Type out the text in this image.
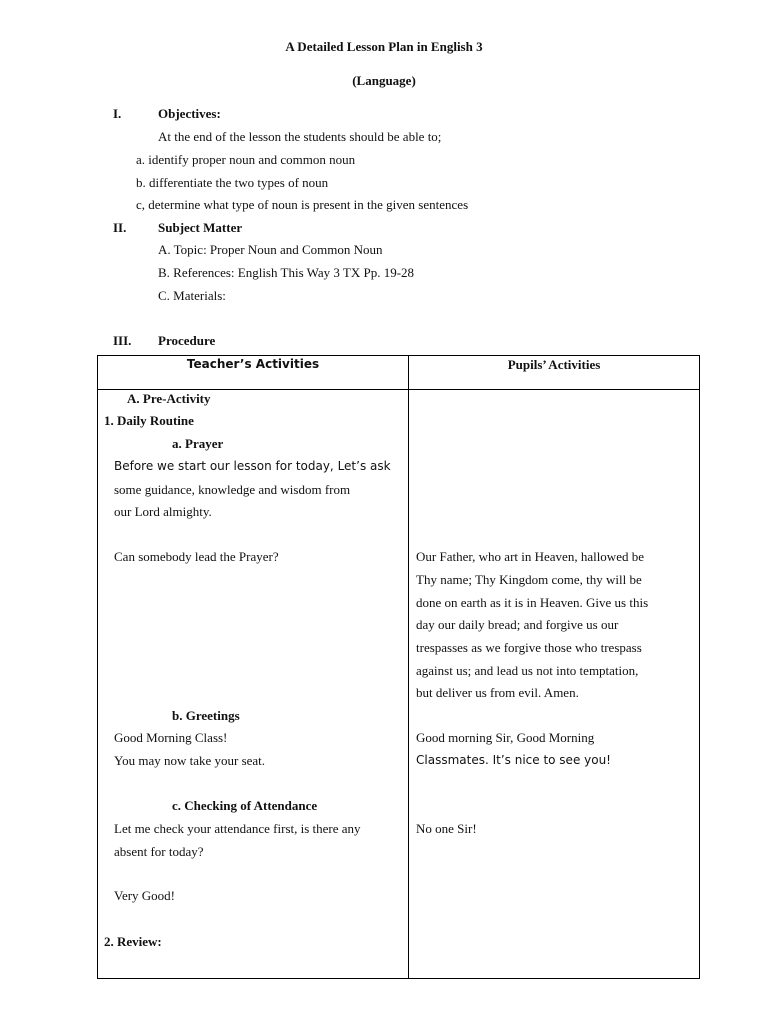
A Detailed Lesson Plan in English 3
(Language)
I.	Objectives:
At the end of the lesson the students should be able to;
a. identify proper noun and common noun
b. differentiate the two types of noun
c, determine what type of noun is present in the given sentences
II. Subject Matter
A. Topic: Proper Noun and Common Noun
B. References: English This Way 3 TX Pp. 19-28
C. Materials:
III. Procedure
Teacher’s Activities	Pupils’ Activities
A. Pre-Activity
1. Daily Routine
a. Prayer
Before we start our lesson for today, Let’s ask
some guidance, knowledge and wisdom from
our Lord almighty.
Can somebody lead the Prayer?
b. Greetings
Good Morning Class!
You may now take your seat.
c. Checking of Attendance
Let me check your attendance first, is there any
absent for today?
Very Good!
2. Review:
Our Father, who art in Heaven, hallowed be
Thy name; Thy Kingdom come, thy will be
done on earth as it is in Heaven. Give us this
day our daily bread; and forgive us our
trespasses as we forgive those who trespass
against us; and lead us not into temptation,
but deliver us from evil. Amen.
Good morning Sir, Good Morning
Classmates. It’s nice to see you!
No one Sir!
